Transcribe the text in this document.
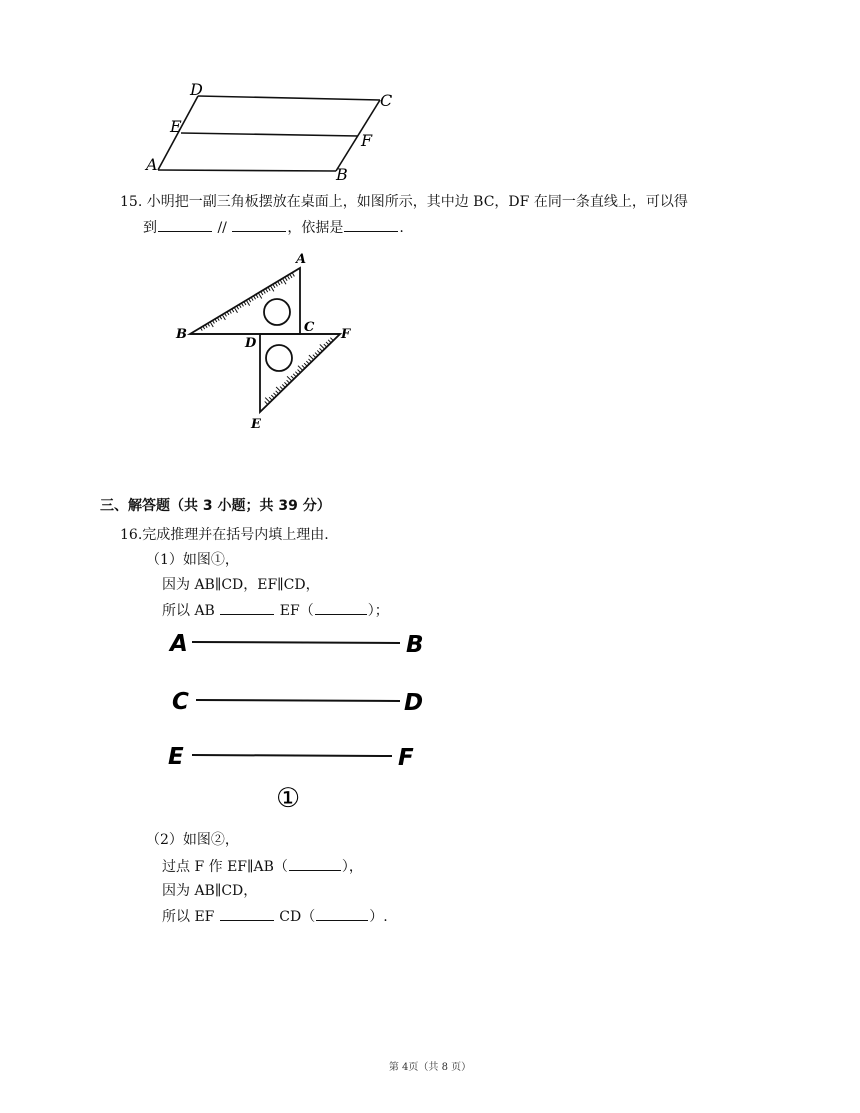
D
C
E
F
A
B
15. 小明把一副三角板摆放在桌面上，如图所示，其中边 BC，DF 在同一条直线上，可以得
到	//	，依据是	.
A
B	C
D
F
E
三、解答题（共 3 小题；共 39 分）
16.完成推理并在括号内填上理由.
（1）如图①，
因为 AB∥CD，EF∥CD，
所以 AB	EF（	）；
A	B
C	D
E	F
①
（2）如图②，
过点 F 作 EF∥AB（	），
因为 AB∥CD，
所以 EF	CD（	）.
第 4页（共 8 页）
